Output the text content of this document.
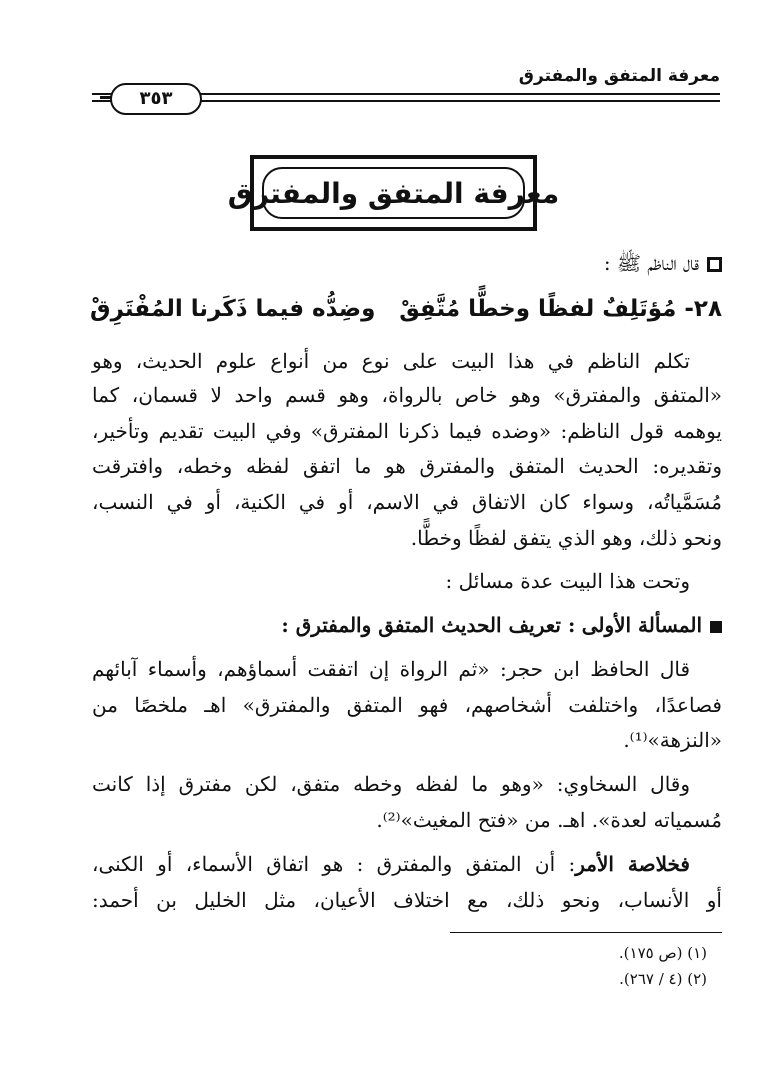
معرفة المتفق والمفترق
٣٥٣
معرفة المتفق والمفترق
قال الناظم ﷺ :
٢٨- مُؤتَلِفٌ لفظًا وخطًّا مُتَّفِقْ
وضِدُّه فيما ذَكَرنا المُفْتَرِقْ
تكلم الناظم في هذا البيت على نوع من أنواع علوم الحديث، وهو
«المتفق والمفترق» وهو خاص بالرواة، وهو قسم واحد لا قسمان، كما
يوهمه قول الناظم: «وضده فيما ذكرنا المفترق» وفي البيت تقديم وتأخير،
وتقديره: الحديث المتفق والمفترق هو ما اتفق لفظه وخطه، وافترقت
مُسَمَّياتُه، وسواء كان الاتفاق في الاسم، أو في الكنية، أو في النسب،
ونحو ذلك، وهو الذي يتفق لفظًا وخطًّا.
وتحت هذا البيت عدة مسائل :
المسألة الأولى : تعريف الحديث المتفق والمفترق :
قال الحافظ ابن حجر: «ثم الرواة إن اتفقت أسماؤهم، وأسماء آبائهم
فصاعدًا، واختلفت أشخاصهم، فهو المتفق والمفترق» اهـ ملخصًا من
«النزهة»⁽¹⁾.
وقال السخاوي: «وهو ما لفظه وخطه متفق، لكن مفترق إذا كانت
مُسمياته لعدة». اهـ. من «فتح المغيث»⁽²⁾.
فخلاصة الأمر: أن المتفق والمفترق : هو اتفاق الأسماء، أو الكنى،
أو الأنساب، ونحو ذلك، مع اختلاف الأعيان، مثل الخليل بن أحمد:
(١) (ص ١٧٥).
(٢) (٤ / ٢٦٧).
